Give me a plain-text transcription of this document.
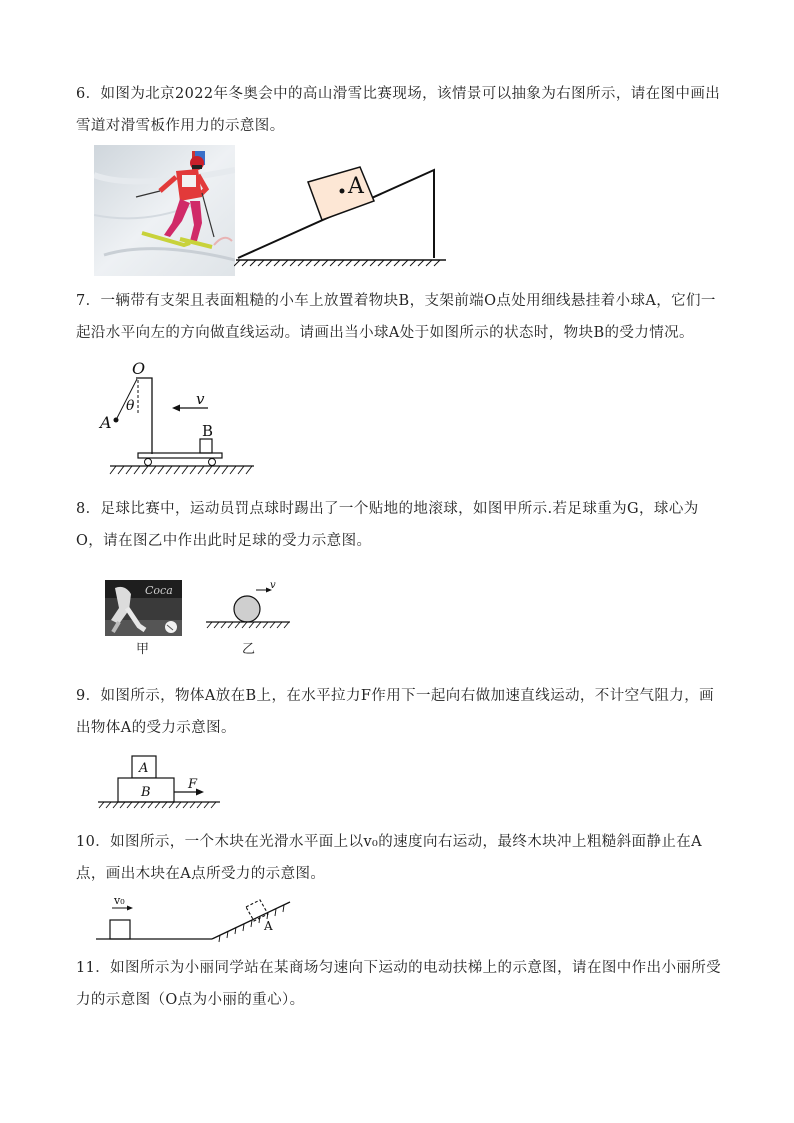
6．如图为北京2022年冬奥会中的高山滑雪比赛现场，该情景可以抽象为右图所示，请在图中画出
雪道对滑雪板作用力的示意图。
A
7．一辆带有支架且表面粗糙的小车上放置着物块B，支架前端O点处用细线悬挂着小球A，它们一
起沿水平向左的方向做直线运动。请画出当小球A处于如图所示的状态时，物块B的受力情况。
O
A
θ	v
B
8．足球比赛中，运动员罚点球时踢出了一个贴地的地滚球，如图甲所示.若足球重为G，球心为
O，请在图乙中作出此时足球的受力示意图。
Coca
甲
v
乙
9．如图所示，物体A放在B上，在水平拉力F作用下一起向右做加速直线运动，不计空气阻力，画
出物体A的受力示意图。
A
B
F
10．如图所示，一个木块在光滑水平面上以v₀的速度向右运动，最终木块冲上粗糙斜面静止在A
点，画出木块在A点所受力的示意图。
v₀
A
11．如图所示为小丽同学站在某商场匀速向下运动的电动扶梯上的示意图，请在图中作出小丽所受
力的示意图（O点为小丽的重心）。
